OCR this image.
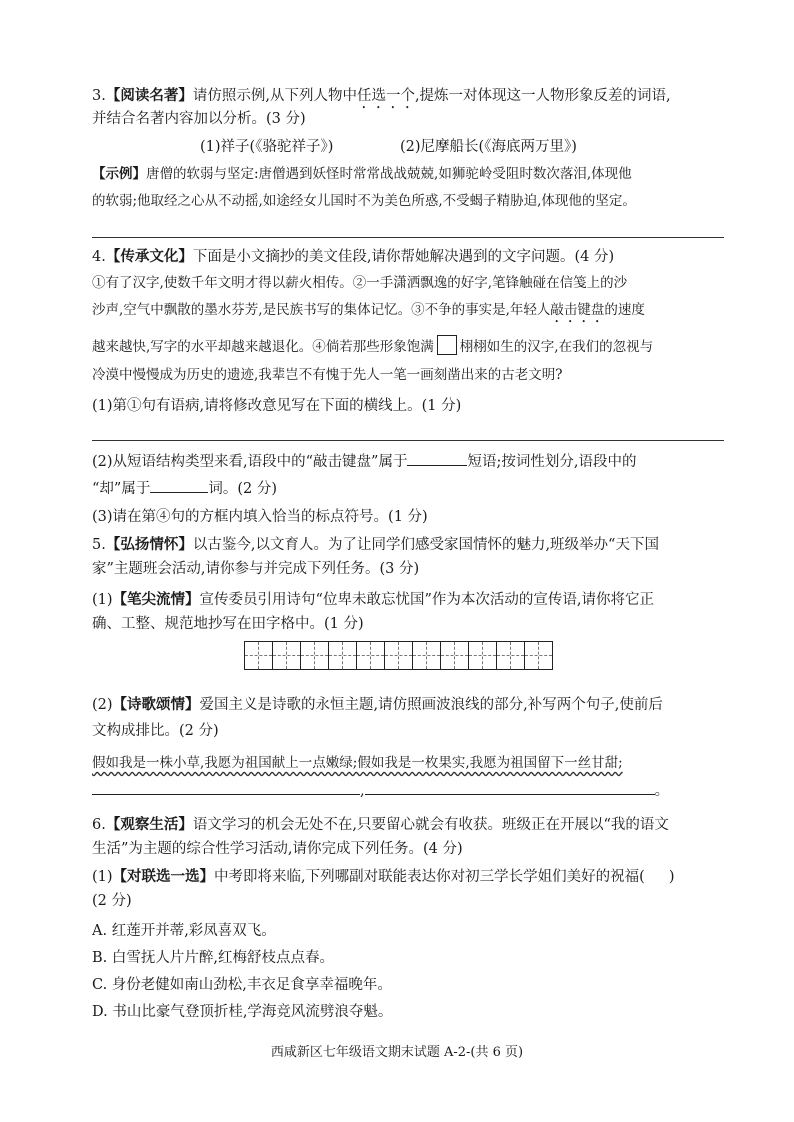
3.【阅读名著】请仿照示例,从下列人物中任选一个,提炼一对体现这一人物形象反差的词语,
并结合名著内容加以分析。(3 分)
(1)祥子(《骆驼祥子》)	(2)尼摩船长(《海底两万里》)
【示例】唐僧的软弱与坚定:唐僧遇到妖怪时常常战战兢兢,如狮驼岭受阻时数次落泪,体现他
的软弱;他取经之心从不动摇,如途经女儿国时不为美色所惑,不受蝎子精胁迫,体现他的坚定。
4.【传承文化】下面是小文摘抄的美文佳段,请你帮她解决遇到的文字问题。(4 分)
①有了汉字,使数千年文明才得以薪火相传。②一手潇洒飘逸的好字,笔锋触碰在信笺上的沙
沙声,空气中飘散的墨水芬芳,是民族书写的集体记忆。③不争的事实是,年轻人敲击键盘的速度
越来越快,写字的水平却越来越退化。④倘若那些形象饱满 栩栩如生的汉字,在我们的忽视与
冷漠中慢慢成为历史的遗迹,我辈岂不有愧于先人一笔一画刻凿出来的古老文明?
(1)第①句有语病,请将修改意见写在下面的横线上。(1 分)
(2)从短语结构类型来看,语段中的“敲击键盘”属于	短语;按词性划分,语段中的
“却”属于	词。(2 分)
(3)请在第④句的方框内填入恰当的标点符号。(1 分)
5.【弘扬情怀】以古鉴今,以文育人。为了让同学们感受家国情怀的魅力,班级举办“天下国
家”主题班会活动,请你参与并完成下列任务。(3 分)
(1)【笔尖流情】宣传委员引用诗句“位卑未敢忘忧国”作为本次活动的宣传语,请你将它正
确、工整、规范地抄写在田字格中。(1 分)
(2)【诗歌颂情】爱国主义是诗歌的永恒主题,请仿照画波浪线的部分,补写两个句子,使前后
文构成排比。(2 分)
假如我是一株小草,我愿为祖国献上一点嫩绿;假如我是一枚果实,我愿为祖国留下一丝甘甜;
,	。
6.【观察生活】语文学习的机会无处不在,只要留心就会有收获。班级正在开展以“我的语文
生活”为主题的综合性学习活动,请你完成下列任务。(4 分)
(1)【对联选一选】中考即将来临,下列哪副对联能表达你对初三学长学姐们美好的祝福( )
(2 分)
A. 红莲开并蒂,彩凤喜双飞。
B. 白雪抚人片片醉,红梅舒枝点点春。
C. 身份老健如南山劲松,丰衣足食享幸福晚年。
D. 书山比豪气登顶折桂,学海竞风流劈浪夺魁。
西咸新区七年级语文期末试题 A-2-(共 6 页)
